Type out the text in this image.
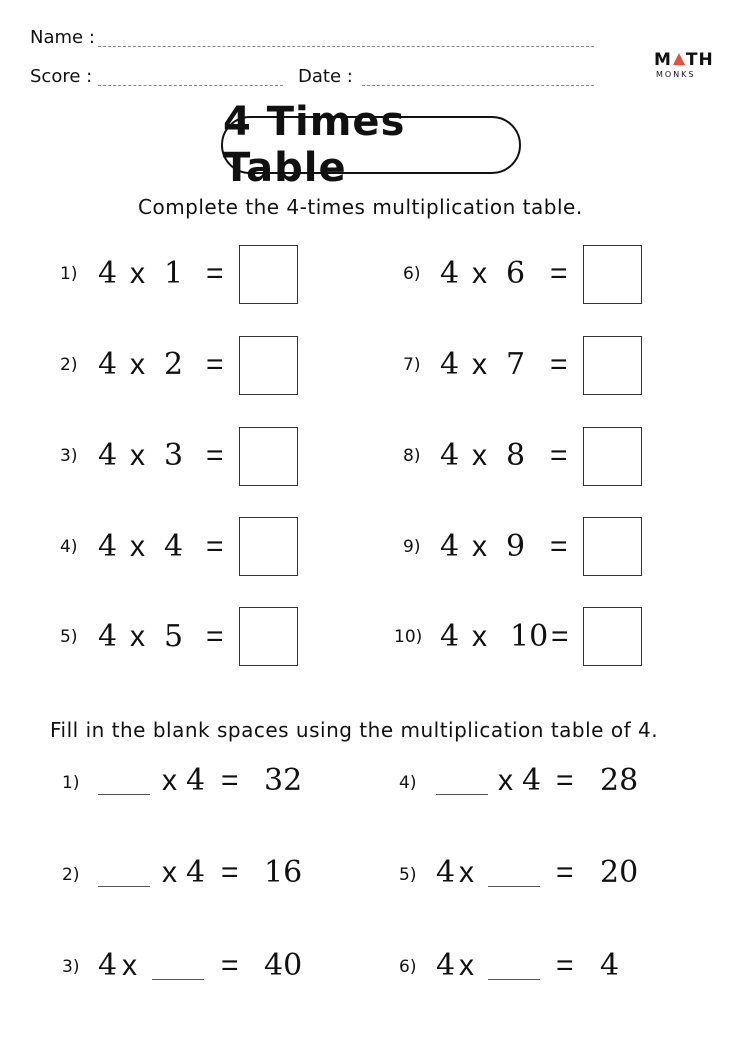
Name :
Score :	Date :
M TH
MONKS
4 Times Table
Complete the 4-times multiplication table.
1) 4 x 1 =
2) 4 x 2 =
3) 4 x 3 =
4) 4 x 4 =
5) 4 x 5 =
6) 4 x 6 =
7) 4 x 7 =
8) 4 x 8 =
9) 4 x 9 =
10) 4 x 10 =
Fill in the blank spaces using the multiplication table of 4.
1)	x 4 = 32
2)	x 4 = 16
3) 4 x	= 40
4)	x 4 = 28
5) 4 x	= 20
6) 4 x	= 4
